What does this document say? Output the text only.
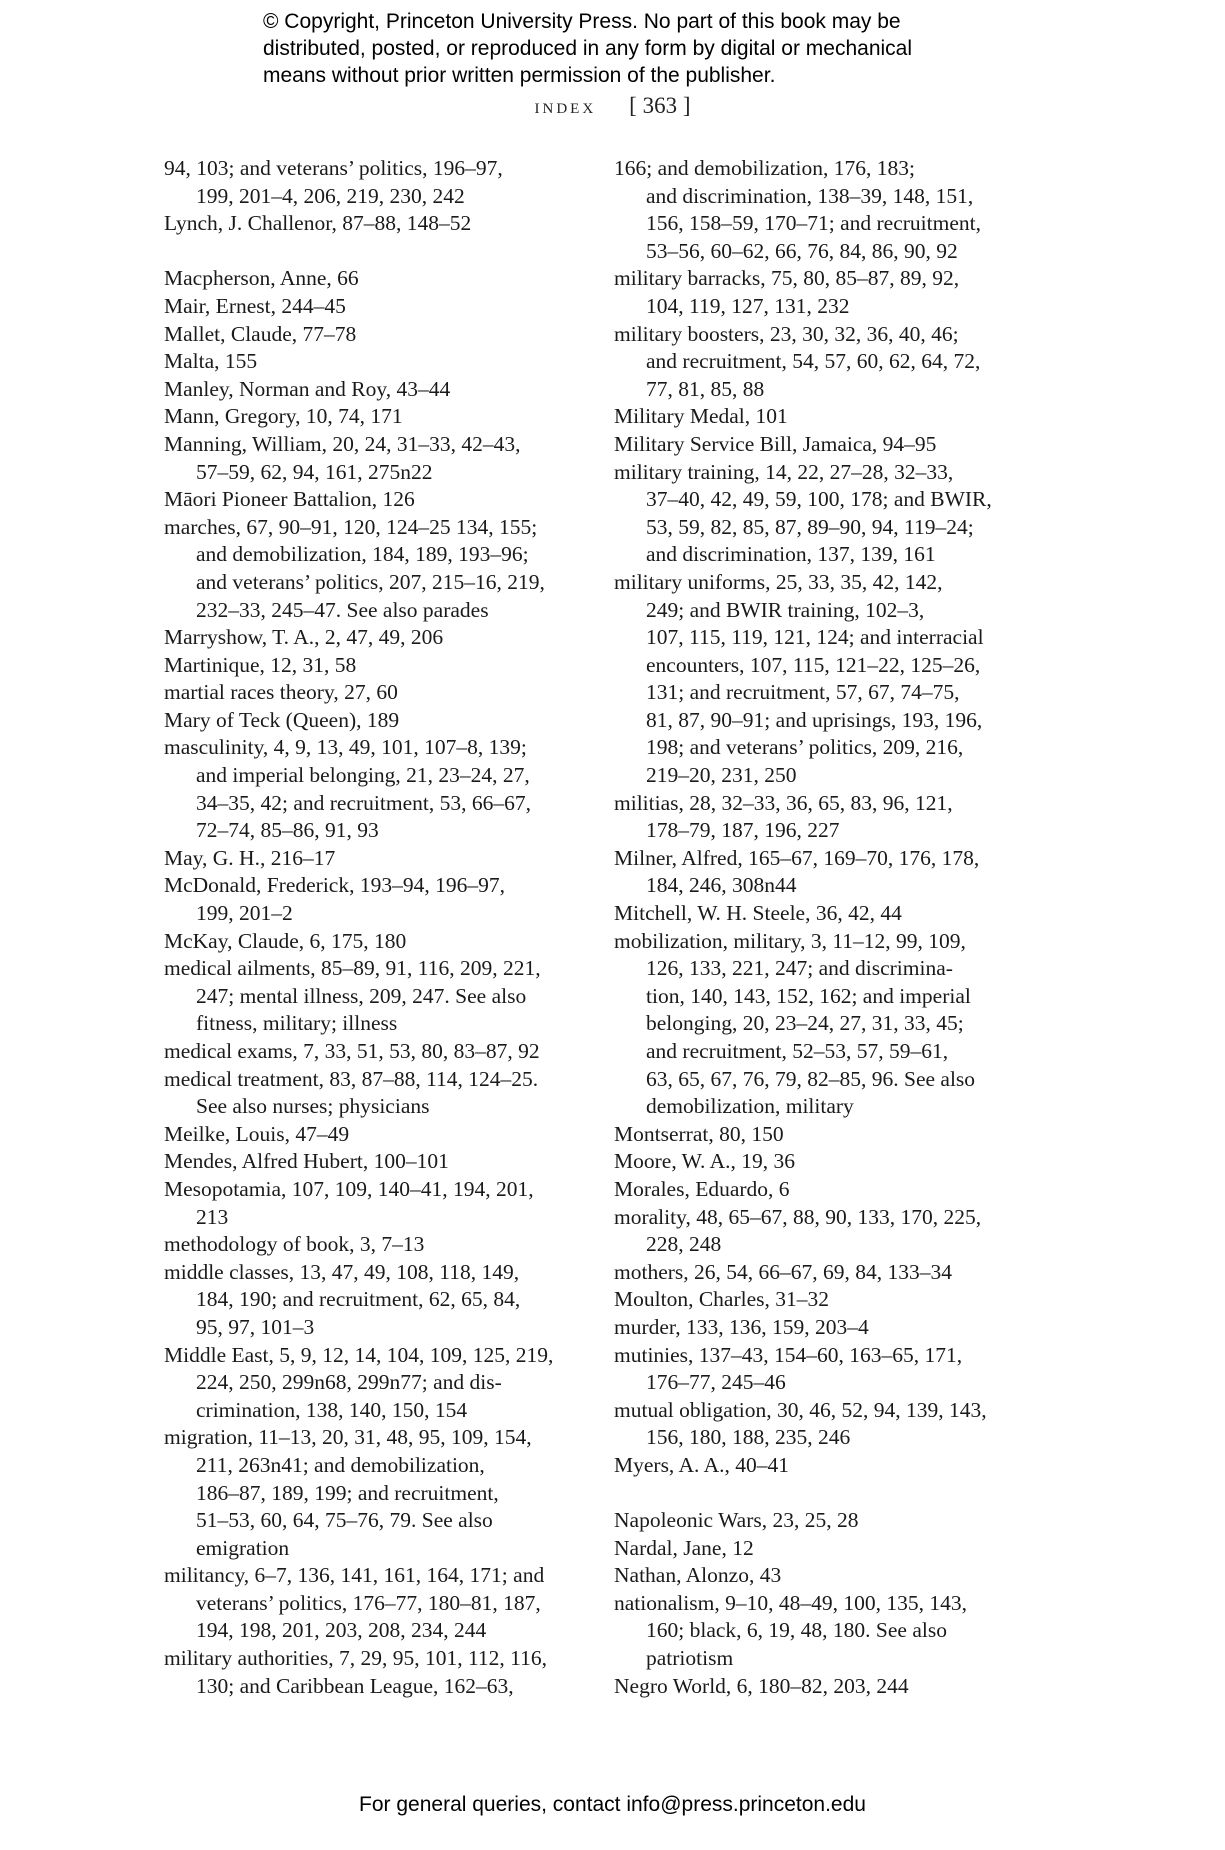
© Copyright, Princeton University Press. No part of this book may be
distributed, posted, or reproduced in any form by digital or mechanical
means without prior written permission of the publisher.
index [ 363 ]
94, 103; and veterans’ politics, 196–97,
199, 201–4, 206, 219, 230, 242
Lynch, J. Challenor, 87–88, 148–52
Macpherson, Anne, 66
Mair, Ernest, 244–45
Mallet, Claude, 77–78
Malta, 155
Manley, Norman and Roy, 43–44
Mann, Gregory, 10, 74, 171
Manning, William, 20, 24, 31–33, 42–43,
57–59, 62, 94, 161, 275n22
Māori Pioneer Battalion, 126
marches, 67, 90–91, 120, 124–25 134, 155;
and demobilization, 184, 189, 193–96;
and veterans’ politics, 207, 215–16, 219,
232–33, 245–47. See also parades
Marryshow, T. A., 2, 47, 49, 206
Martinique, 12, 31, 58
martial races theory, 27, 60
Mary of Teck (Queen), 189
masculinity, 4, 9, 13, 49, 101, 107–8, 139;
and imperial belonging, 21, 23–24, 27,
34–35, 42; and recruitment, 53, 66–67,
72–74, 85–86, 91, 93
May, G. H., 216–17
McDonald, Frederick, 193–94, 196–97,
199, 201–2
McKay, Claude, 6, 175, 180
medical ailments, 85–89, 91, 116, 209, 221,
247; mental illness, 209, 247. See also
fitness, military; illness
medical exams, 7, 33, 51, 53, 80, 83–87, 92
medical treatment, 83, 87–88, 114, 124–25.
See also nurses; physicians
Meilke, Louis, 47–49
Mendes, Alfred Hubert, 100–101
Mesopotamia, 107, 109, 140–41, 194, 201,
213
methodology of book, 3, 7–13
middle classes, 13, 47, 49, 108, 118, 149,
184, 190; and recruitment, 62, 65, 84,
95, 97, 101–3
Middle East, 5, 9, 12, 14, 104, 109, 125, 219,
224, 250, 299n68, 299n77; and dis-
crimination, 138, 140, 150, 154
migration, 11–13, 20, 31, 48, 95, 109, 154,
211, 263n41; and demobilization,
186–87, 189, 199; and recruitment,
51–53, 60, 64, 75–76, 79. See also
emigration
militancy, 6–7, 136, 141, 161, 164, 171; and
veterans’ politics, 176–77, 180–81, 187,
194, 198, 201, 203, 208, 234, 244
military authorities, 7, 29, 95, 101, 112, 116,
130; and Caribbean League, 162–63,
166; and demobilization, 176, 183;
and discrimination, 138–39, 148, 151,
156, 158–59, 170–71; and recruitment,
53–56, 60–62, 66, 76, 84, 86, 90, 92
military barracks, 75, 80, 85–87, 89, 92,
104, 119, 127, 131, 232
military boosters, 23, 30, 32, 36, 40, 46;
and recruitment, 54, 57, 60, 62, 64, 72,
77, 81, 85, 88
Military Medal, 101
Military Service Bill, Jamaica, 94–95
military training, 14, 22, 27–28, 32–33,
37–40, 42, 49, 59, 100, 178; and BWIR,
53, 59, 82, 85, 87, 89–90, 94, 119–24;
and discrimination, 137, 139, 161
military uniforms, 25, 33, 35, 42, 142,
249; and BWIR training, 102–3,
107, 115, 119, 121, 124; and interracial
encounters, 107, 115, 121–22, 125–26,
131; and recruitment, 57, 67, 74–75,
81, 87, 90–91; and uprisings, 193, 196,
198; and veterans’ politics, 209, 216,
219–20, 231, 250
militias, 28, 32–33, 36, 65, 83, 96, 121,
178–79, 187, 196, 227
Milner, Alfred, 165–67, 169–70, 176, 178,
184, 246, 308n44
Mitchell, W. H. Steele, 36, 42, 44
mobilization, military, 3, 11–12, 99, 109,
126, 133, 221, 247; and discrimina-
tion, 140, 143, 152, 162; and imperial
belonging, 20, 23–24, 27, 31, 33, 45;
and recruitment, 52–53, 57, 59–61,
63, 65, 67, 76, 79, 82–85, 96. See also
demobilization, military
Montserrat, 80, 150
Moore, W. A., 19, 36
Morales, Eduardo, 6
morality, 48, 65–67, 88, 90, 133, 170, 225,
228, 248
mothers, 26, 54, 66–67, 69, 84, 133–34
Moulton, Charles, 31–32
murder, 133, 136, 159, 203–4
mutinies, 137–43, 154–60, 163–65, 171,
176–77, 245–46
mutual obligation, 30, 46, 52, 94, 139, 143,
156, 180, 188, 235, 246
Myers, A. A., 40–41
Napoleonic Wars, 23, 25, 28
Nardal, Jane, 12
Nathan, Alonzo, 43
nationalism, 9–10, 48–49, 100, 135, 143,
160; black, 6, 19, 48, 180. See also
patriotism
Negro World, 6, 180–82, 203, 244
For general queries, contact info@press.princeton.edu
